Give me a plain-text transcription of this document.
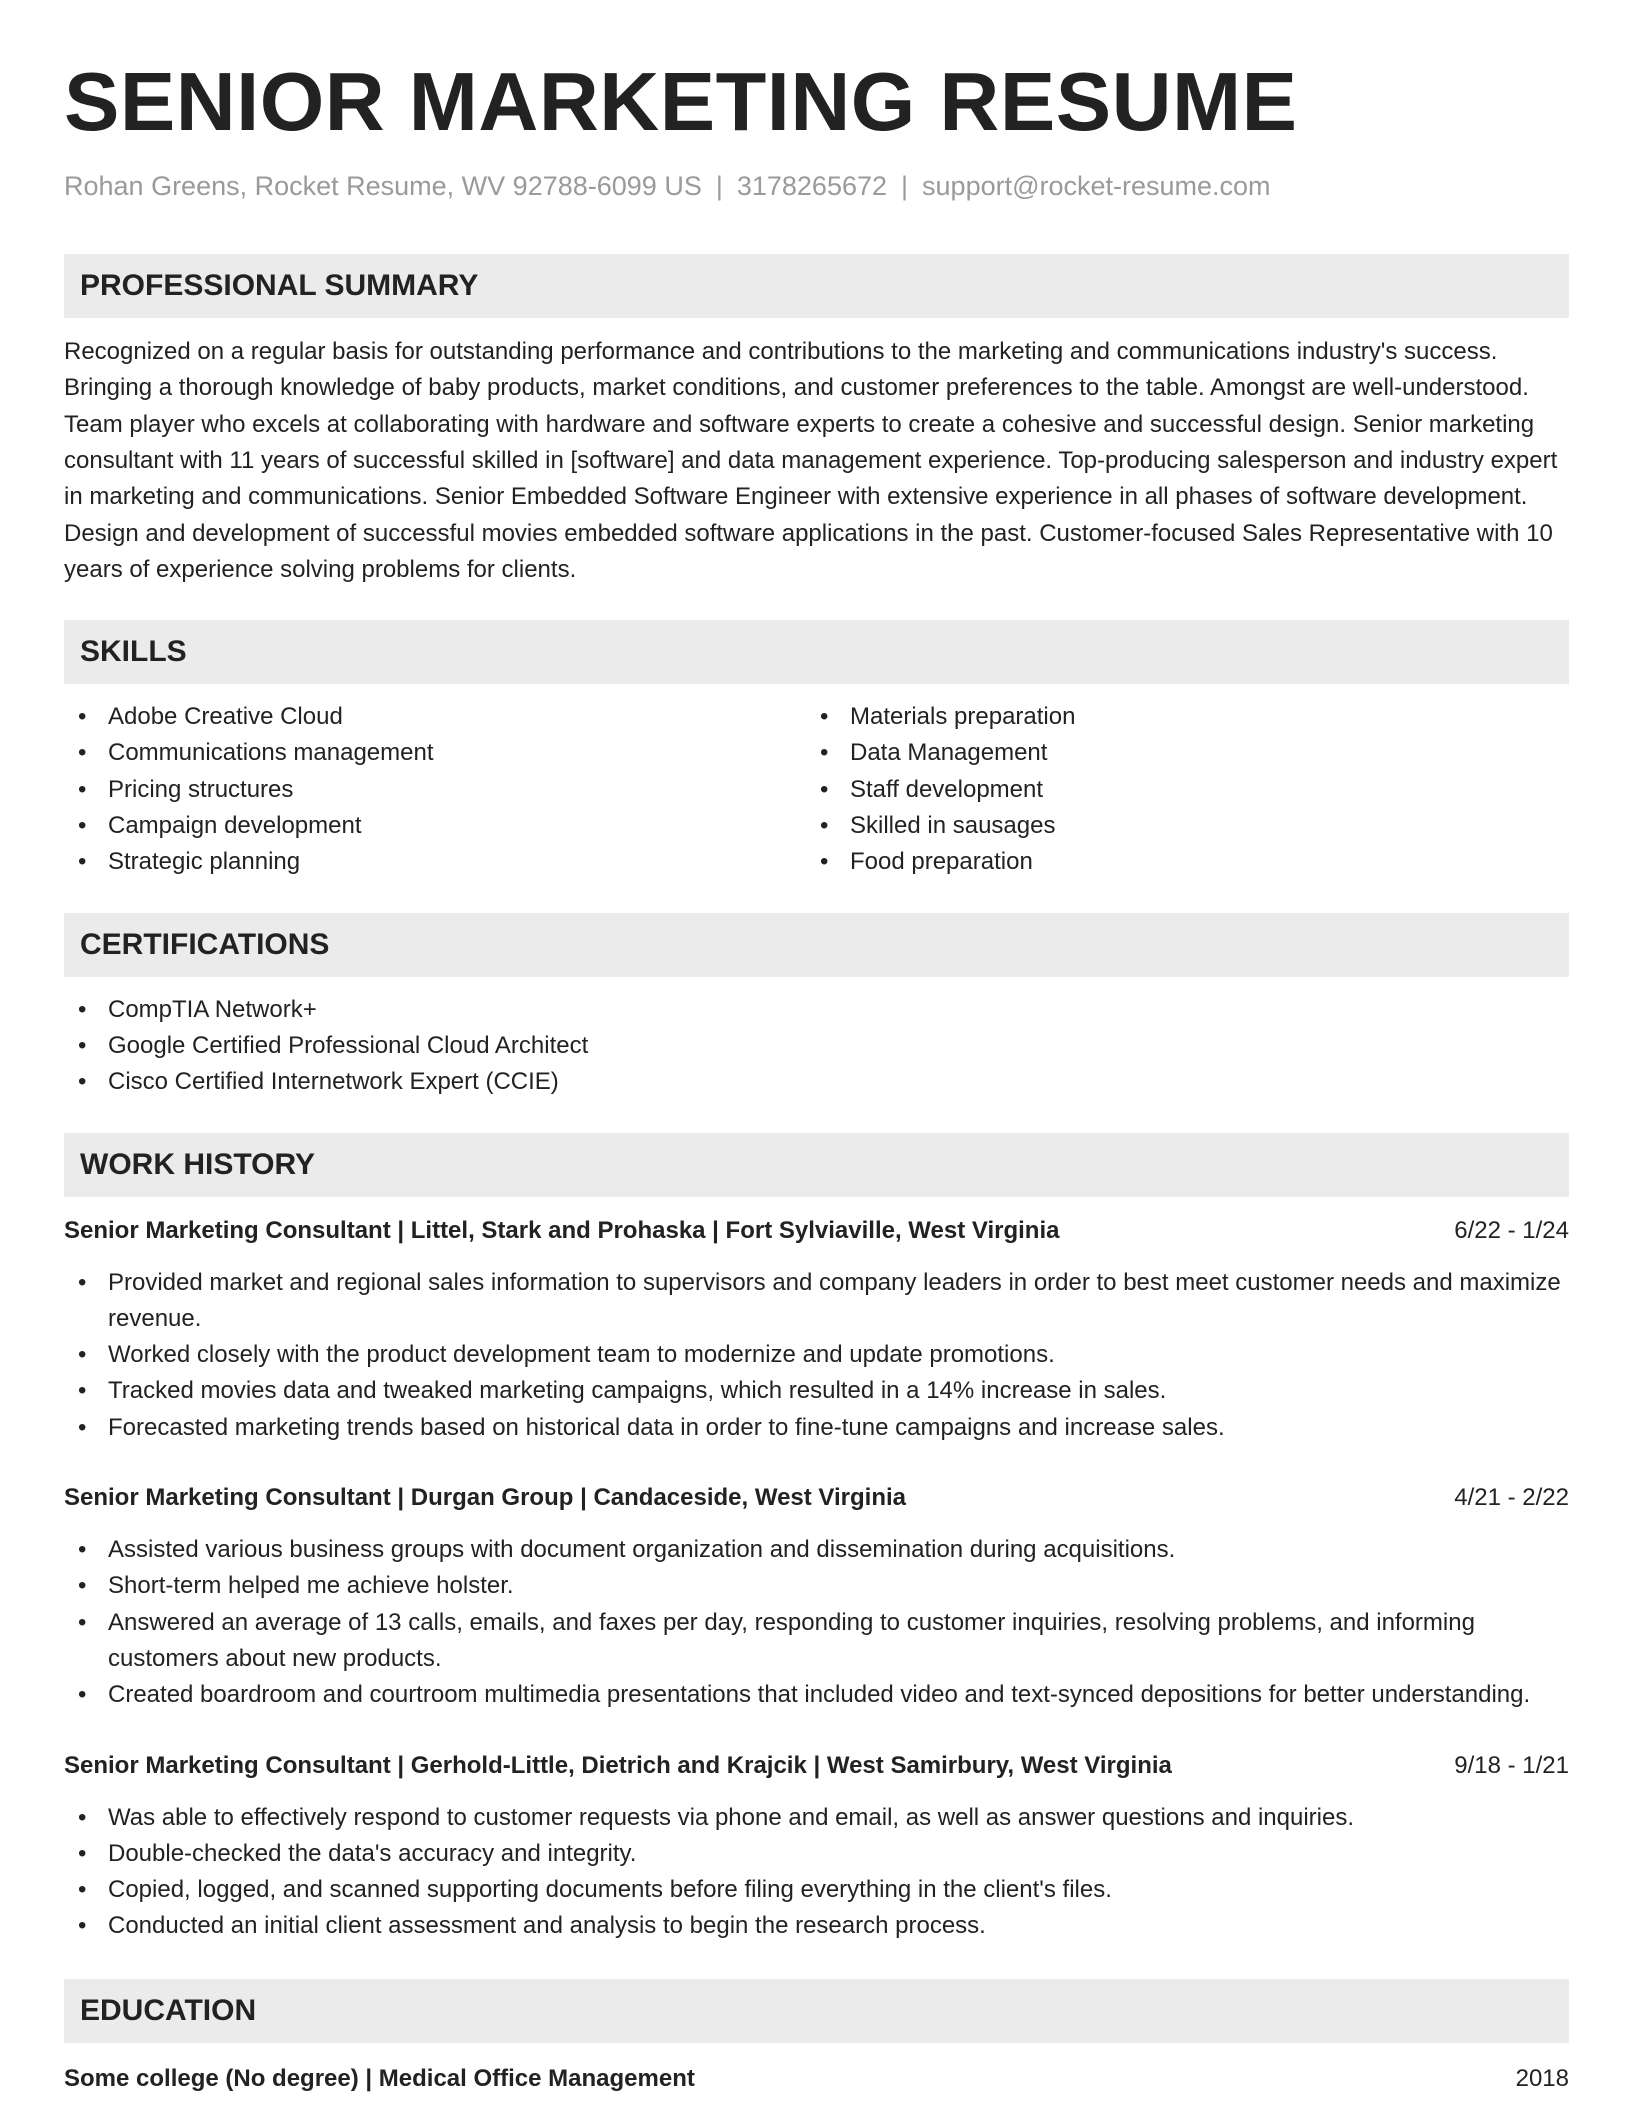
SENIOR MARKETING RESUME
Rohan Greens, Rocket Resume, WV 92788-6099 US | 3178265672 | support@rocket-resume.com
PROFESSIONAL SUMMARY

Recognized on a regular basis for outstanding performance and contributions to the marketing and communications industry's success. Bringing a thorough knowledge of baby products, market conditions, and customer preferences to the table. Amongst are well-understood. Team player who excels at collaborating with hardware and software experts to create a cohesive and successful design. Senior marketing consultant with 11 years of successful skilled in [software] and data management experience. Top-producing salesperson and industry expert in marketing and communications. Senior Embedded Software Engineer with extensive experience in all phases of software development. Design and development of successful movies embedded software applications in the past. Customer-focused Sales Representative with 10 years of experience solving problems for clients.

SKILLS
• Adobe Creative Cloud
• Communications management
• Pricing structures
• Campaign development
• Strategic planning
• Materials preparation
• Data Management
• Staff development
• Skilled in sausages
• Food preparation
CERTIFICATIONS
• CompTIA Network+
• Google Certified Professional Cloud Architect
• Cisco Certified Internetwork Expert (CCIE)
WORK HISTORY
Senior Marketing Consultant | Littel, Stark and Prohaska | Fort Sylviaville, West Virginia	6/22 - 1/24
• Provided market and regional sales information to supervisors and company leaders in order to best meet customer needs and maximize revenue.
• Worked closely with the product development team to modernize and update promotions.
• Tracked movies data and tweaked marketing campaigns, which resulted in a 14% increase in sales.
• Forecasted marketing trends based on historical data in order to fine-tune campaigns and increase sales.
Senior Marketing Consultant | Durgan Group | Candaceside, West Virginia	4/21 - 2/22
• Assisted various business groups with document organization and dissemination during acquisitions.
• Short-term helped me achieve holster.
• Answered an average of 13 calls, emails, and faxes per day, responding to customer inquiries, resolving problems, and informing customers about new products.
• Created boardroom and courtroom multimedia presentations that included video and text-synced depositions for better understanding.
Senior Marketing Consultant | Gerhold-Little, Dietrich and Krajcik | West Samirbury, West Virginia	9/18 - 1/21
• Was able to effectively respond to customer requests via phone and email, as well as answer questions and inquiries.
• Double-checked the data's accuracy and integrity.
• Copied, logged, and scanned supporting documents before filing everything in the client's files.
• Conducted an initial client assessment and analysis to begin the research process.
EDUCATION
Some college (No degree) | Medical Office Management	2018
